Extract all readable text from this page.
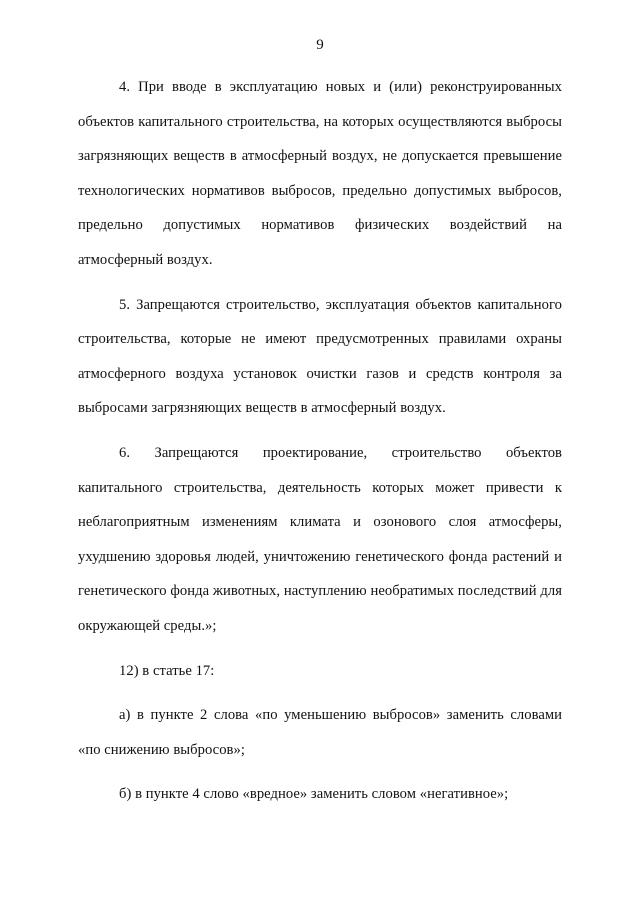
9

4. При вводе в эксплуатацию новых и (или) реконструированных объектов капитального строительства, на которых осуществляются выбросы загрязняющих веществ в атмосферный воздух, не допускается превышение технологических нормативов выбросов, предельно допустимых выбросов, предельно допустимых нормативов физических воздействий на атмосферный воздух.

5. Запрещаются строительство, эксплуатация объектов капитального строительства, которые не имеют предусмотренных правилами охраны атмосферного воздуха установок очистки газов и средств контроля за выбросами загрязняющих веществ в атмосферный воздух.

6. Запрещаются проектирование, строительство объектов капитального строительства, деятельность которых может привести к неблагоприятным изменениям климата и озонового слоя атмосферы, ухудшению здоровья людей, уничтожению генетического фонда растений и генетического фонда животных, наступлению необратимых последствий для окружающей среды.»;

12) в статье 17:

а) в пункте 2 слова «по уменьшению выбросов» заменить словами «по снижению выбросов»;

б) в пункте 4 слово «вредное» заменить словом «негативное»;
